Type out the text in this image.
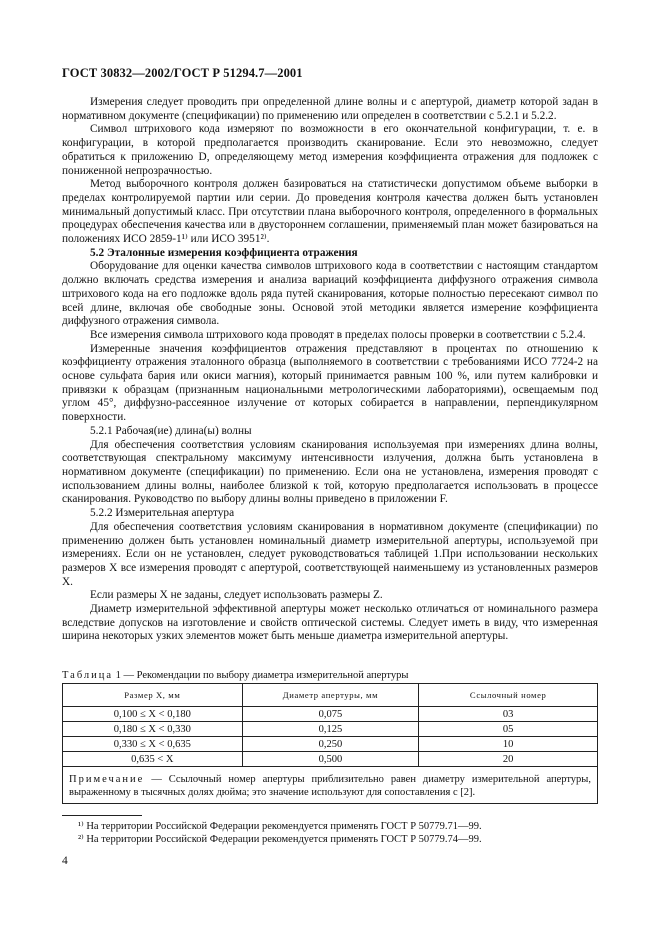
ГОСТ 30832—2002/ГОСТ Р 51294.7—2001

Измерения следует проводить при определенной длине волны и с апертурой, диаметр которой задан в нормативном документе (спецификации) по применению или определен в соответствии с 5.2.1 и 5.2.2.

Символ штрихового кода измеряют по возможности в его окончательной конфигурации, т. е. в конфигурации, в которой предполагается производить сканирование. Если это невозможно, следует обратиться к приложению D, определяющему метод измерения коэффициента отражения для подложек с пониженной непрозрачностью.

Метод выборочного контроля должен базироваться на статистически допустимом объеме выборки в пределах контролируемой партии или серии. До проведения контроля качества должен быть установлен минимальный допустимый класс. При отсутствии плана выборочного контроля, определенного в формальных процедурах обеспечения качества или в двустороннем соглашении, применяемый план может базироваться на положениях ИСО 2859-1¹⁾ или ИСО 3951²⁾.

5.2 Эталонные измерения коэффициента отражения

Оборудование для оценки качества символов штрихового кода в соответствии с настоящим стандартом должно включать средства измерения и анализа вариаций коэффициента диффузного отражения символа штрихового кода на его подложке вдоль ряда путей сканирования, которые полностью пересекают символ по всей длине, включая обе свободные зоны. Основой этой методики является измерение коэффициента диффузного отражения символа.

Все измерения символа штрихового кода проводят в пределах полосы проверки в соответствии с 5.2.4.

Измеренные значения коэффициентов отражения представляют в процентах по отношению к коэффициенту отражения эталонного образца (выполняемого в соответствии с требованиями ИСО 7724-2 на основе сульфата бария или окиси магния), который принимается равным 100 %, или путем калибровки и привязки к образцам (признанным национальными метрологическими лабораториями), освещаемым под углом 45°, диффузно-рассеянное излучение от которых собирается в направлении, перпендикулярном поверхности.

5.2.1 Рабочая(ие) длина(ы) волны

Для обеспечения соответствия условиям сканирования используемая при измерениях длина волны, соответствующая спектральному максимуму интенсивности излучения, должна быть установлена в нормативном документе (спецификации) по применению. Если она не установлена, измерения проводят с использованием длины волны, наиболее близкой к той, которую предполагается использовать в процессе сканирования. Руководство по выбору длины волны приведено в приложении F.

5.2.2 Измерительная апертура

Для обеспечения соответствия условиям сканирования в нормативном документе (спецификации) по применению должен быть установлен номинальный диаметр измерительной апертуры, используемой при измерениях. Если он не установлен, следует руководствоваться таблицей 1.При использовании нескольких размеров X все измерения проводят с апертурой, соответствующей наименьшему из установленных размеров X.

Если размеры X не заданы, следует использовать размеры Z.

Диаметр измерительной эффективной апертуры может несколько отличаться от номинального размера вследствие допусков на изготовление и свойств оптической системы. Следует иметь в виду, что измеренная ширина некоторых узких элементов может быть меньше диаметра измерительной апертуры.

Таблица 1 — Рекомендации по выбору диаметра измерительной апертуры
Размер X, мм	Диаметр апертуры, мм	Ссылочный номер
0,100 ≤ X < 0,180	0,075	03
0,180 ≤ X < 0,330	0,125	05
0,330 ≤ X < 0,635	0,250	10
0,635 < X	0,500	20
Примечание — Ссылочный номер апертуры приблизительно равен диаметру измерительной апертуры, выраженному в тысячных долях дюйма; это значение используют для сопоставления с [2].		
¹⁾ На территории Российской Федерации рекомендуется применять ГОСТ Р 50779.71—99.
²⁾ На территории Российской Федерации рекомендуется применять ГОСТ Р 50779.74—99.
4
